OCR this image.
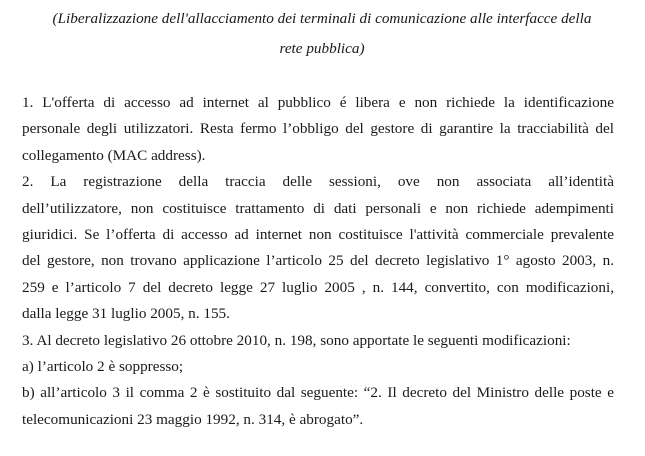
(Liberalizzazione dell'allacciamento dei terminali di comunicazione alle interfacce della
rete pubblica)

1. L'offerta di accesso ad internet al pubblico é libera e non richiede la identificazione
personale degli utilizzatori. Resta fermo l’obbligo del gestore di garantire la tracciabilità del
collegamento (MAC address).

2. La registrazione della traccia delle sessioni, ove non associata all’identità
dell’utilizzatore, non costituisce trattamento di dati personali e non richiede adempimenti
giuridici. Se l’offerta di accesso ad internet non costituisce l'attività commerciale prevalente
del gestore, non trovano applicazione l’articolo 25 del decreto legislativo 1° agosto 2003, n.
259 e l’articolo 7 del decreto legge 27 luglio 2005 , n. 144, convertito, con modificazioni,
dalla legge 31 luglio 2005, n. 155.

3. Al decreto legislativo 26 ottobre 2010, n. 198, sono apportate le seguenti modificazioni:

a) l’articolo 2 è soppresso;

b) all’articolo 3 il comma 2 è sostituito dal seguente: “2. Il decreto del Ministro delle poste e
telecomunicazioni 23 maggio 1992, n. 314, è abrogato”.
